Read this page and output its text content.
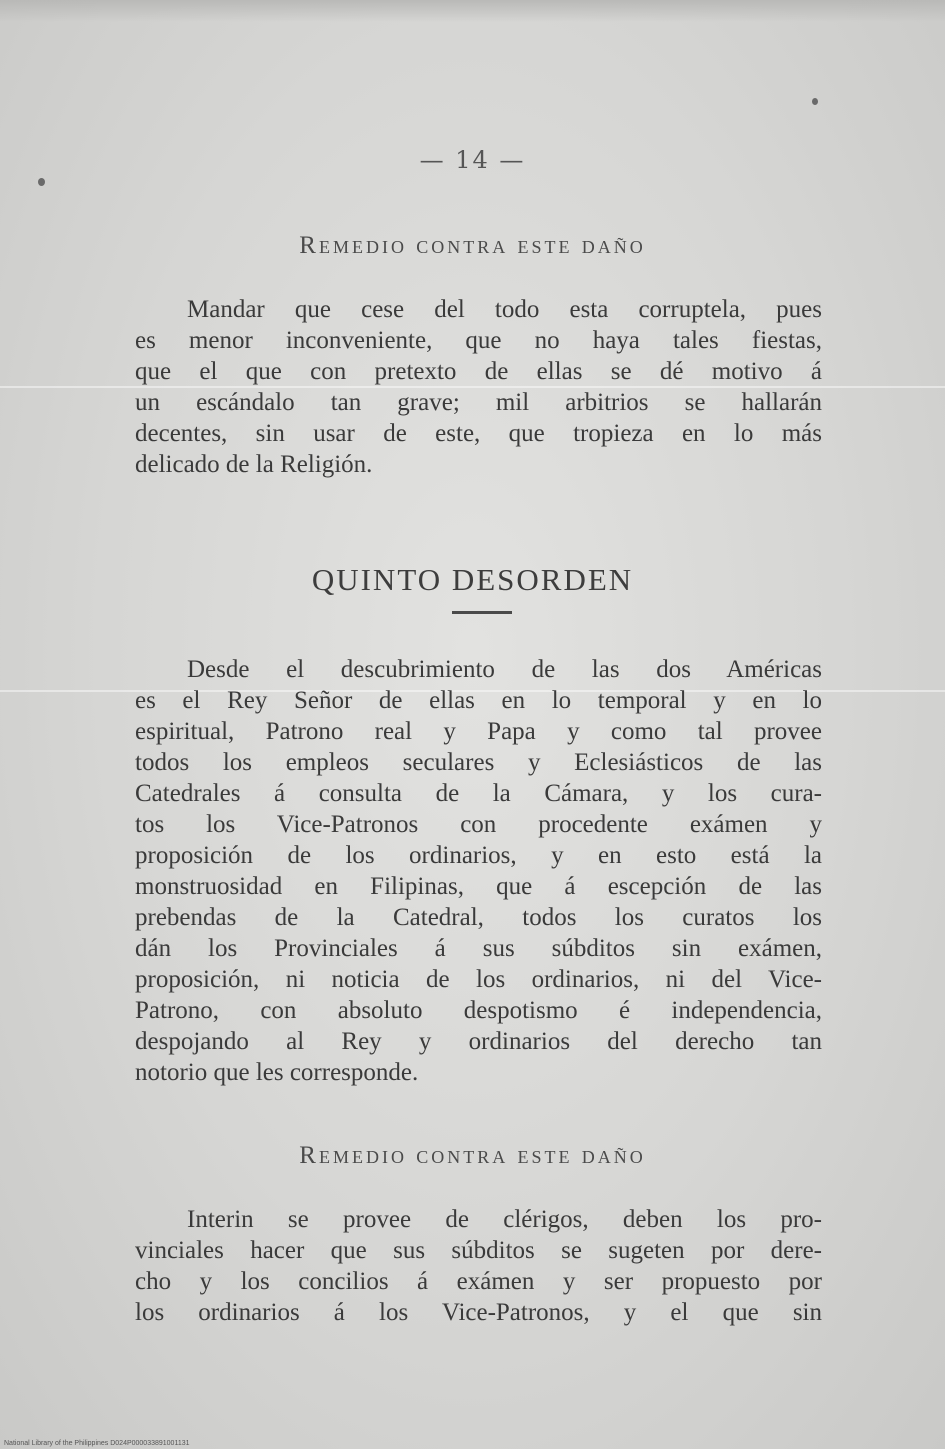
— 14 —
Remedio contra este daño
Mandar que cese del todo esta corruptela, pues
es menor inconveniente, que no haya tales fiestas,
que el que con pretexto de ellas se dé motivo á
un escándalo tan grave; mil arbitrios se hallarán
decentes, sin usar de este, que tropieza en lo más
delicado de la Religión.
QUINTO DESORDEN
Desde el descubrimiento de las dos Américas
es el Rey Señor de ellas en lo temporal y en lo
espiritual, Patrono real y Papa y como tal provee
todos los empleos seculares y Eclesiásticos de las
Catedrales á consulta de la Cámara, y los cura-
tos los Vice-Patronos con procedente exámen y
proposición de los ordinarios, y en esto está la
monstruosidad en Filipinas, que á escepción de las
prebendas de la Catedral, todos los curatos los
dán los Provinciales á sus súbditos sin exámen,
proposición, ni noticia de los ordinarios, ni del Vice-
Patrono, con absoluto despotismo é independencia,
despojando al Rey y ordinarios del derecho tan
notorio que les corresponde.
Remedio contra este daño
Interin se provee de clérigos, deben los pro-
vinciales hacer que sus súbditos se sugeten por dere-
cho y los concilios á exámen y ser propuesto por
los ordinarios á los Vice-Patronos, y el que sin
National Library of the Philippines D024P000033891001131
